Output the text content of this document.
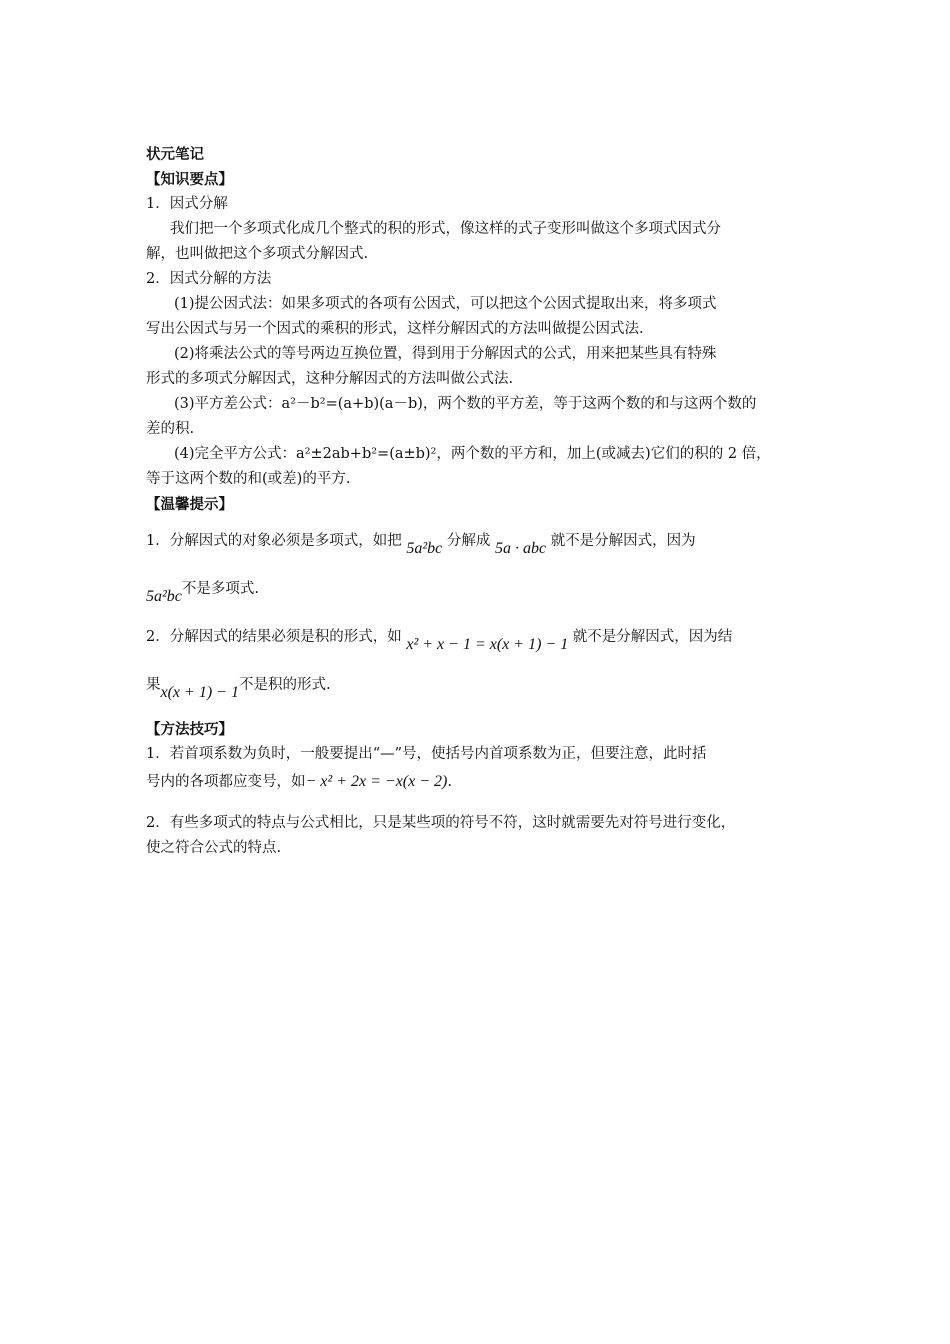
状元笔记
【知识要点】
1．因式分解
我们把一个多项式化成几个整式的积的形式，像这样的式子变形叫做这个多项式因式分
解，也叫做把这个多项式分解因式.
2．因式分解的方法
(1)提公因式法：如果多项式的各项有公因式，可以把这个公因式提取出来，将多项式
写出公因式与另一个因式的乘积的形式，这样分解因式的方法叫做提公因式法.
(2)将乘法公式的等号两边互换位置，得到用于分解因式的公式，用来把某些具有特殊
形式的多项式分解因式，这种分解因式的方法叫做公式法.
(3)平方差公式：a²－b²=(a+b)(a－b)，两个数的平方差，等于这两个数的和与这两个数的
差的积.
(4)完全平方公式：a²±2ab+b²=(a±b)²，两个数的平方和，加上(或减去)它们的积的 2 倍，
等于这两个数的和(或差)的平方.
【温馨提示】
1．分解因式的对象必须是多项式，如把 5a²bc 分解成 5a · abc 就不是分解因式，因为
5a²bc不是多项式.
2．分解因式的结果必须是积的形式，如 x² + x − 1 = x(x + 1) − 1 就不是分解因式，因为结
果x(x + 1) − 1不是积的形式.
【方法技巧】
1．若首项系数为负时，一般要提出“—”号，使括号内首项系数为正，但要注意，此时括
号内的各项都应变号，如− x² + 2x = −x(x − 2).
2．有些多项式的特点与公式相比，只是某些项的符号不符，这时就需要先对符号进行变化，
使之符合公式的特点.
